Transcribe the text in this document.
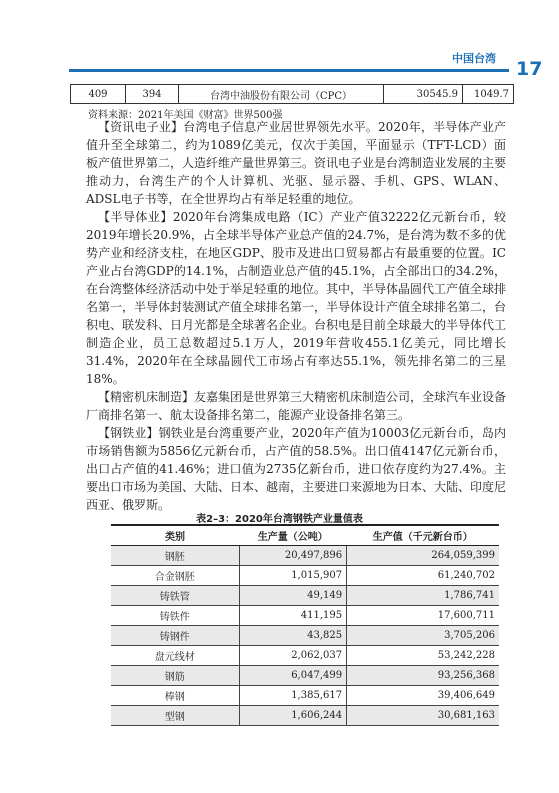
中国台湾 17
409	394	台湾中油股份有限公司（CPC）	30545.9	1049.7
资料来源：2021年美国《财富》世界500强

【资讯电子业】台湾电子信息产业居世界领先水平。2020年，半导体产业产值升至全球第二，约为1089亿美元，仅次于美国，平面显示（TFT-LCD）面板产值世界第二，人造纤维产量世界第三。资讯电子业是台湾制造业发展的主要推动力，台湾生产的个人计算机、光驱、显示器、手机、GPS、WLAN、ADSL电子书等，在全世界均占有举足轻重的地位。

【半导体业】2020年台湾集成电路（IC）产业产值32222亿元新台币，较2019年增长20.9%，占全球半导体产业总产值的24.7%，是台湾为数不多的优势产业和经济支柱，在地区GDP、股市及进出口贸易都占有最重要的位置。IC产业占台湾GDP的14.1%，占制造业总产值的45.1%，占全部出口的34.2%，在台湾整体经济活动中处于举足轻重的地位。其中，半导体晶圆代工产值全球排名第一，半导体封装测试产值全球排名第一，半导体设计产值全球排名第二，台积电、联发科、日月光都是全球著名企业。台积电是目前全球最大的半导体代工制造企业，员工总数超过5.1万人，2019年营收455.1亿美元，同比增长31.4%，2020年在全球晶圆代工市场占有率达55.1%，领先排名第二的三星18%。

【精密机床制造】友嘉集团是世界第三大精密机床制造公司，全球汽车业设备厂商排名第一、航太设备排名第二，能源产业设备排名第三。

【钢铁业】钢铁业是台湾重要产业，2020年产值为10003亿元新台币，岛内市场销售额为5856亿元新台币，占产值的58.5%。出口值4147亿元新台币，出口占产值的41.46%；进口值为2735亿新台币，进口依存度约为27.4%。主要出口市场为美国、大陆、日本、越南，主要进口来源地为日本、大陆、印度尼西亚、俄罗斯。

表2–3：2020年台湾钢铁产业量值表
类别	生产量（公吨）	生产值（千元新台币）
钢胚	20,497,896	264,059,399
合金钢胚	1,015,907	61,240,702
铸铁管	49,149	1,786,741
铸铁件	411,195	17,600,711
铸钢件	43,825	3,705,206
盘元线材	2,062,037	53,242,228
钢筋	6,047,499	93,256,368
棒钢	1,385,617	39,406,649
型钢	1,606,244	30,681,163
